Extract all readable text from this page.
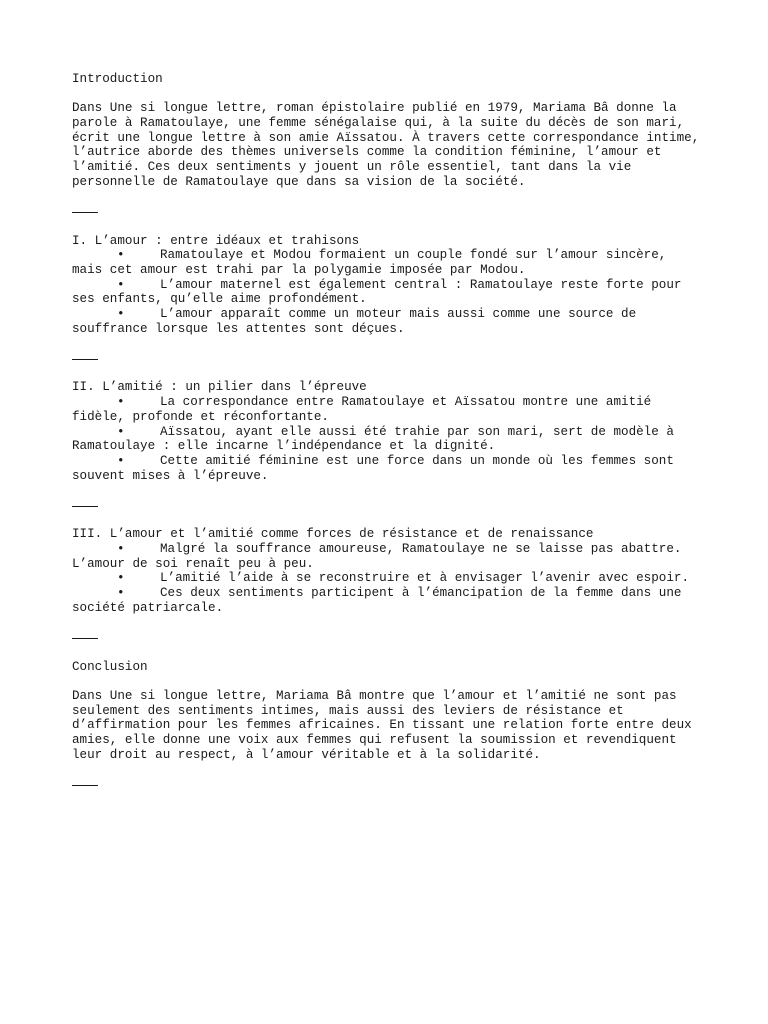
Introduction
Dans Une si longue lettre, roman épistolaire publié en 1979, Mariama Bâ donne la
parole à Ramatoulaye, une femme sénégalaise qui, à la suite du décès de son mari,
écrit une longue lettre à son amie Aïssatou. À travers cette correspondance intime,
l’autrice aborde des thèmes universels comme la condition féminine, l’amour et
l’amitié. Ces deux sentiments y jouent un rôle essentiel, tant dans la vie
personnelle de Ramatoulaye que dans sa vision de la société.
I. L’amour : entre idéaux et trahisons

•

	Ramatoulaye et Modou formaient un couple fondé sur l’amour sincère,

mais cet amour est trahi par la polygamie imposée par Modou.

•

	L’amour maternel est également central : Ramatoulaye reste forte pour

ses enfants, qu’elle aime profondément.

•

	L’amour apparaît comme un moteur mais aussi comme une source de

souffrance lorsque les attentes sont déçues.
II. L’amitié : un pilier dans l’épreuve

•

	La correspondance entre Ramatoulaye et Aïssatou montre une amitié

fidèle, profonde et réconfortante.

•

	Aïssatou, ayant elle aussi été trahie par son mari, sert de modèle à

Ramatoulaye : elle incarne l’indépendance et la dignité.

•

	Cette amitié féminine est une force dans un monde où les femmes sont

souvent mises à l’épreuve.
III. L’amour et l’amitié comme forces de résistance et de renaissance

•

	Malgré la souffrance amoureuse, Ramatoulaye ne se laisse pas abattre.

L’amour de soi renaît peu à peu.

•

	L’amitié l’aide à se reconstruire et à envisager l’avenir avec espoir.

•

	Ces deux sentiments participent à l’émancipation de la femme dans une

société patriarcale.
Conclusion
Dans Une si longue lettre, Mariama Bâ montre que l’amour et l’amitié ne sont pas
seulement des sentiments intimes, mais aussi des leviers de résistance et
d’affirmation pour les femmes africaines. En tissant une relation forte entre deux
amies, elle donne une voix aux femmes qui refusent la soumission et revendiquent
leur droit au respect, à l’amour véritable et à la solidarité.
